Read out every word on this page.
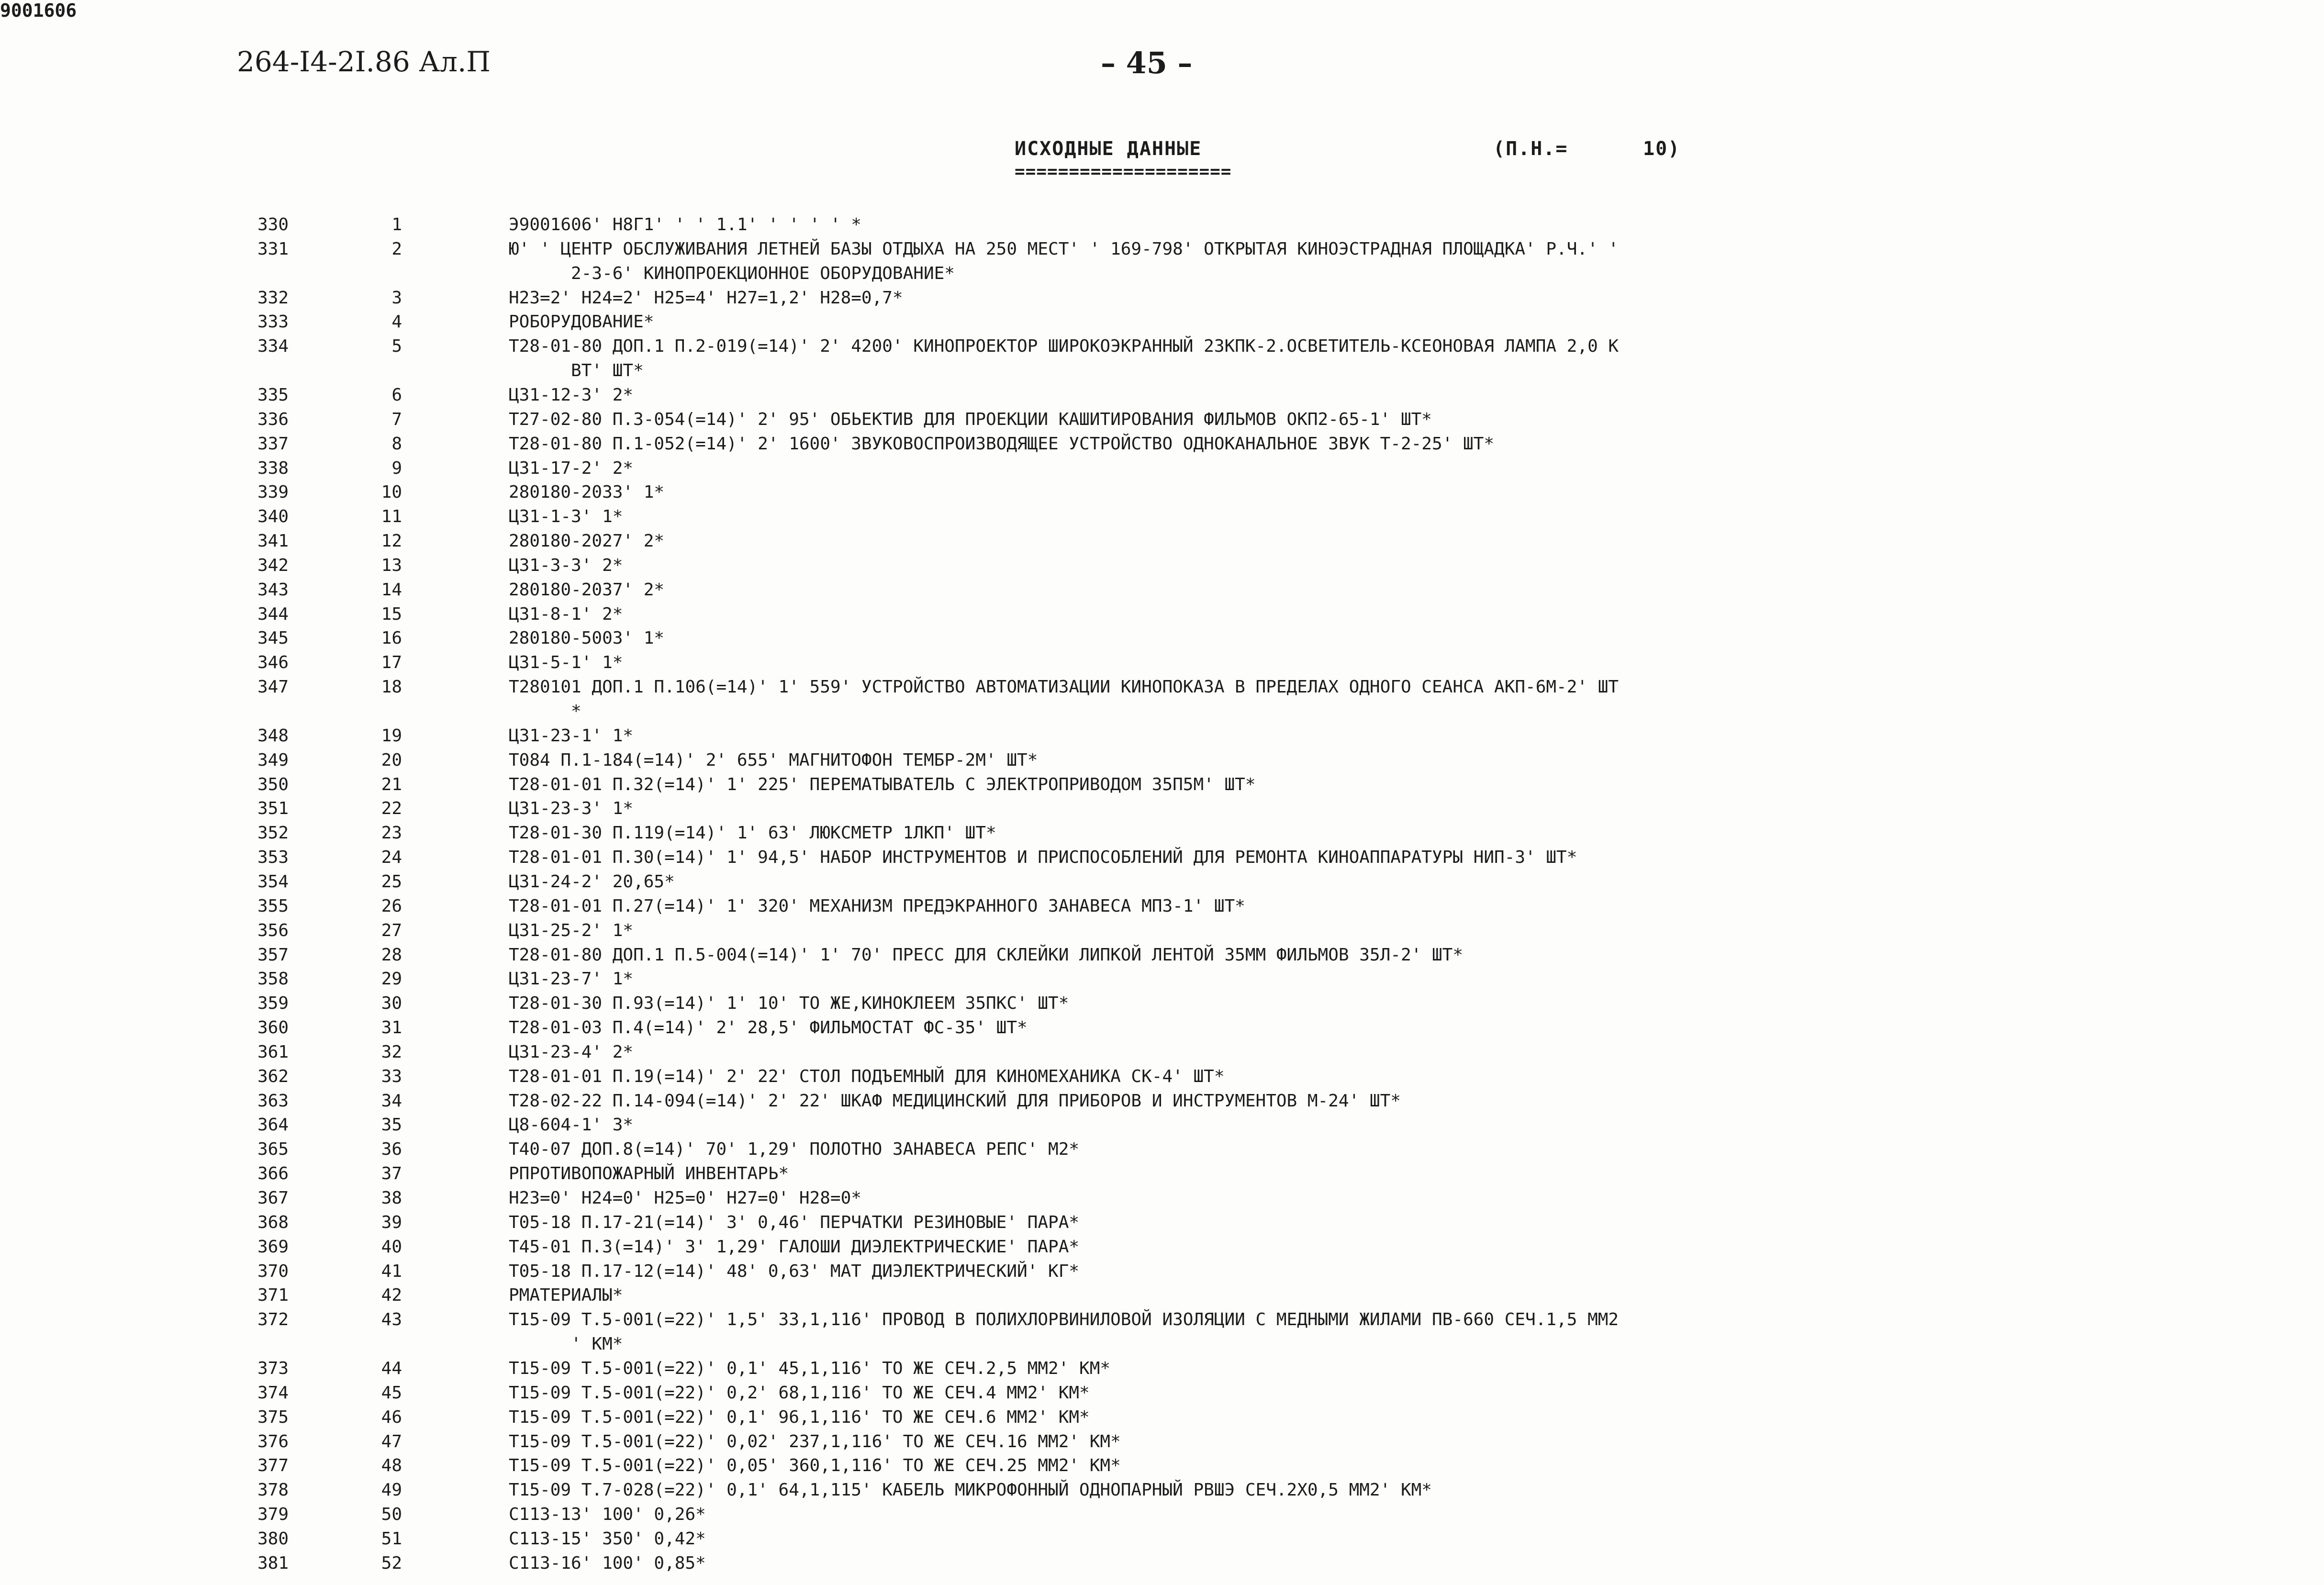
264-I4-2I.86 Ал.П	– 45 –
9001606
ИСХОДНЫЕ ДАННЫЕ
====================
(П.Н.=      10)
330	1	Э9001606' Н8Г1' ' ' 1.1' ' ' ' ' *
331	2	Ю' ' ЦЕНТР ОБСЛУЖИВАНИЯ ЛЕТНЕЙ БАЗЫ ОТДЫХА НА 250 МЕСТ' ' 169-798' ОТКРЫТАЯ КИНОЭСТРАДНАЯ ПЛОЩАДКА' Р.Ч.' '
2-3-6' КИНОПРОЕКЦИОННОЕ ОБОРУДОВАНИЕ*
332	3	Н23=2' Н24=2' Н25=4' Н27=1,2' Н28=0,7*
333	4	РОБОРУДОВАНИЕ*
334	5	Т28-01-80 ДОП.1 П.2-019(=14)' 2' 4200' КИНОПРОЕКТОР ШИРОКОЭКРАННЫЙ 23КПК-2.ОСВЕТИТЕЛЬ-КСЕОНОВАЯ ЛАМПА 2,0 К
ВТ' ШТ*
335	6	Ц31-12-3' 2*
336	7	Т27-02-80 П.3-054(=14)' 2' 95' ОБЬЕКТИВ ДЛЯ ПРОЕКЦИИ КАШИТИРОВАНИЯ ФИЛЬМОВ ОКП2-65-1' ШТ*
337	8	Т28-01-80 П.1-052(=14)' 2' 1600' ЗВУКОВОСПРОИЗВОДЯЩЕЕ УСТРОЙСТВО ОДНОКАНАЛЬНОЕ ЗВУК Т-2-25' ШТ*
338	9	Ц31-17-2' 2*
339	10	280180-2033' 1*
340	11	Ц31-1-3' 1*
341	12	280180-2027' 2*
342	13	Ц31-3-3' 2*
343	14	280180-2037' 2*
344	15	Ц31-8-1' 2*
345	16	280180-5003' 1*
346	17	Ц31-5-1' 1*
347	18	Т280101 ДОП.1 П.106(=14)' 1' 559' УСТРОЙСТВО АВТОМАТИЗАЦИИ КИНОПОКАЗА В ПРЕДЕЛАХ ОДНОГО СЕАНСА АКП-6М-2' ШТ
*
348	19	Ц31-23-1' 1*
349	20	Т084 П.1-184(=14)' 2' 655' МАГНИТОФОН ТЕМБР-2М' ШТ*
350	21	Т28-01-01 П.32(=14)' 1' 225' ПЕРЕМАТЫВАТЕЛЬ С ЭЛЕКТРОПРИВОДОМ 35П5М' ШТ*
351	22	Ц31-23-3' 1*
352	23	Т28-01-30 П.119(=14)' 1' 63' ЛЮКСМЕТР 1ЛКП' ШТ*
353	24	Т28-01-01 П.30(=14)' 1' 94,5' НАБОР ИНСТРУМЕНТОВ И ПРИСПОСОБЛЕНИЙ ДЛЯ РЕМОНТА КИНОАППАРАТУРЫ НИП-3' ШТ*
354	25	Ц31-24-2' 20,65*
355	26	Т28-01-01 П.27(=14)' 1' 320' МЕХАНИЗМ ПРЕДЭКРАННОГО ЗАНАВЕСА МПЗ-1' ШТ*
356	27	Ц31-25-2' 1*
357	28	Т28-01-80 ДОП.1 П.5-004(=14)' 1' 70' ПРЕСС ДЛЯ СКЛЕЙКИ ЛИПКОЙ ЛЕНТОЙ 35ММ ФИЛЬМОВ 35Л-2' ШТ*
358	29	Ц31-23-7' 1*
359	30	Т28-01-30 П.93(=14)' 1' 10' ТО ЖЕ,КИНОКЛЕЕМ 35ПКС' ШТ*
360	31	Т28-01-03 П.4(=14)' 2' 28,5' ФИЛЬМОСТАТ ФС-35' ШТ*
361	32	Ц31-23-4' 2*
362	33	Т28-01-01 П.19(=14)' 2' 22' СТОЛ ПОДЪЕМНЫЙ ДЛЯ КИНОМЕХАНИКА СК-4' ШТ*
363	34	Т28-02-22 П.14-094(=14)' 2' 22' ШКАФ МЕДИЦИНСКИЙ ДЛЯ ПРИБОРОВ И ИНСТРУМЕНТОВ М-24' ШТ*
364	35	Ц8-604-1' 3*
365	36	Т40-07 ДОП.8(=14)' 70' 1,29' ПОЛОТНО ЗАНАВЕСА РЕПС' М2*
366	37	РПРОТИВОПОЖАРНЫЙ ИНВЕНТАРЬ*
367	38	Н23=0' Н24=0' Н25=0' Н27=0' Н28=0*
368	39	Т05-18 П.17-21(=14)' 3' 0,46' ПЕРЧАТКИ РЕЗИНОВЫЕ' ПАРА*
369	40	Т45-01 П.3(=14)' 3' 1,29' ГАЛОШИ ДИЭЛЕКТРИЧЕСКИЕ' ПАРА*
370	41	Т05-18 П.17-12(=14)' 48' 0,63' МАТ ДИЭЛЕКТРИЧЕСКИЙ' КГ*
371	42	РМАТЕРИАЛЫ*
372	43	Т15-09 Т.5-001(=22)' 1,5' 33,1,116' ПРОВОД В ПОЛИХЛОРВИНИЛОВОЙ ИЗОЛЯЦИИ С МЕДНЫМИ ЖИЛАМИ ПВ-660 СЕЧ.1,5 ММ2
' КМ*
373	44	Т15-09 Т.5-001(=22)' 0,1' 45,1,116' ТО ЖЕ СЕЧ.2,5 ММ2' КМ*
374	45	Т15-09 Т.5-001(=22)' 0,2' 68,1,116' ТО ЖЕ СЕЧ.4 ММ2' КМ*
375	46	Т15-09 Т.5-001(=22)' 0,1' 96,1,116' ТО ЖЕ СЕЧ.6 ММ2' КМ*
376	47	Т15-09 Т.5-001(=22)' 0,02' 237,1,116' ТО ЖЕ СЕЧ.16 ММ2' КМ*
377	48	Т15-09 Т.5-001(=22)' 0,05' 360,1,116' ТО ЖЕ СЕЧ.25 ММ2' КМ*
378	49	Т15-09 Т.7-028(=22)' 0,1' 64,1,115' КАБЕЛЬ МИКРОФОННЫЙ ОДНОПАРНЫЙ РВШЭ СЕЧ.2Х0,5 ММ2' КМ*
379	50	С113-13' 100' 0,26*
380	51	С113-15' 350' 0,42*
381	52	С113-16' 100' 0,85*
